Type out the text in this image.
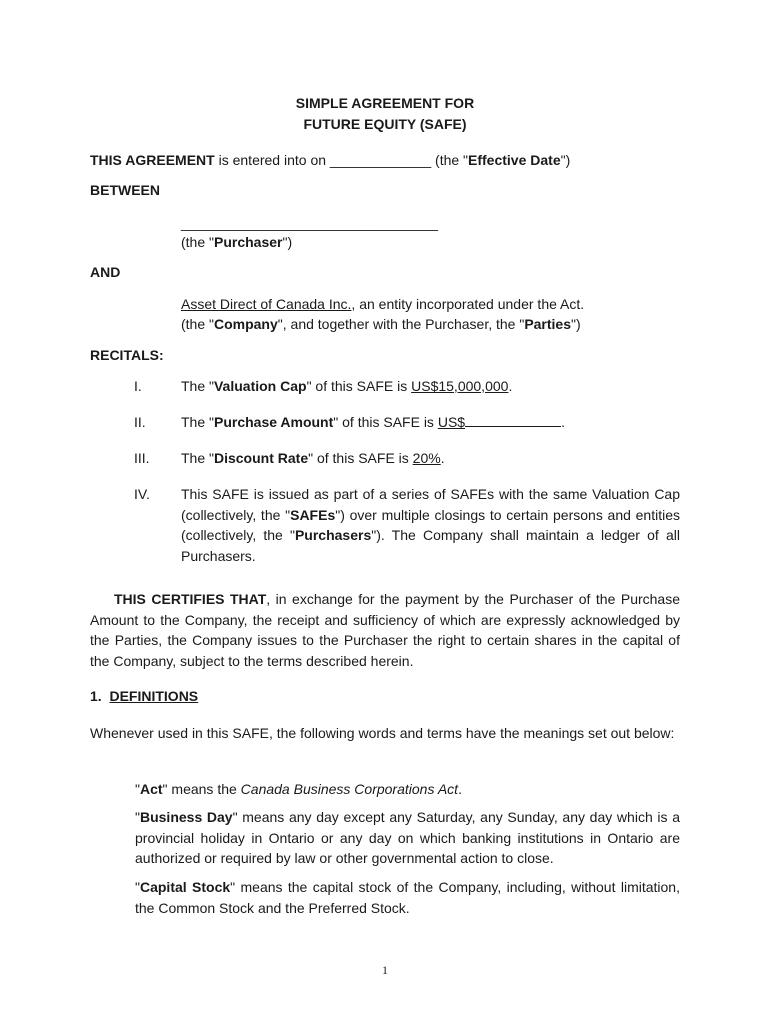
SIMPLE AGREEMENT FOR
FUTURE EQUITY (SAFE)
THIS AGREEMENT is entered into on _____________ (the "Effective Date")
BETWEEN
_________________________________
(the "Purchaser")
AND
Asset Direct of Canada Inc., an entity incorporated under the Act.
(the "Company", and together with the Purchaser, the "Parties")
RECITALS:
I.	The "Valuation Cap" of this SAFE is US$15,000,000.
II.	The "Purchase Amount" of this SAFE is US$	.
III. The "Discount Rate" of this SAFE is 20%.
IV. This SAFE is issued as part of a series of SAFEs with the same Valuation Cap (collectively, the "SAFEs") over multiple closings to certain persons and entities (collectively, the "Purchasers"). The Company shall maintain a ledger of all Purchasers.
THIS CERTIFIES THAT, in exchange for the payment by the Purchaser of the Purchase Amount to the Company, the receipt and sufficiency of which are expressly acknowledged by the Parties, the Company issues to the Purchaser the right to certain shares in the capital of the Company, subject to the terms described herein.
1. DEFINITIONS
Whenever used in this SAFE, the following words and terms have the meanings set out below:
"Act" means the Canada Business Corporations Act.
"Business Day" means any day except any Saturday, any Sunday, any day which is a provincial holiday in Ontario or any day on which banking institutions in Ontario are authorized or required by law or other governmental action to close.
"Capital Stock" means the capital stock of the Company, including, without limitation, the Common Stock and the Preferred Stock.
1
